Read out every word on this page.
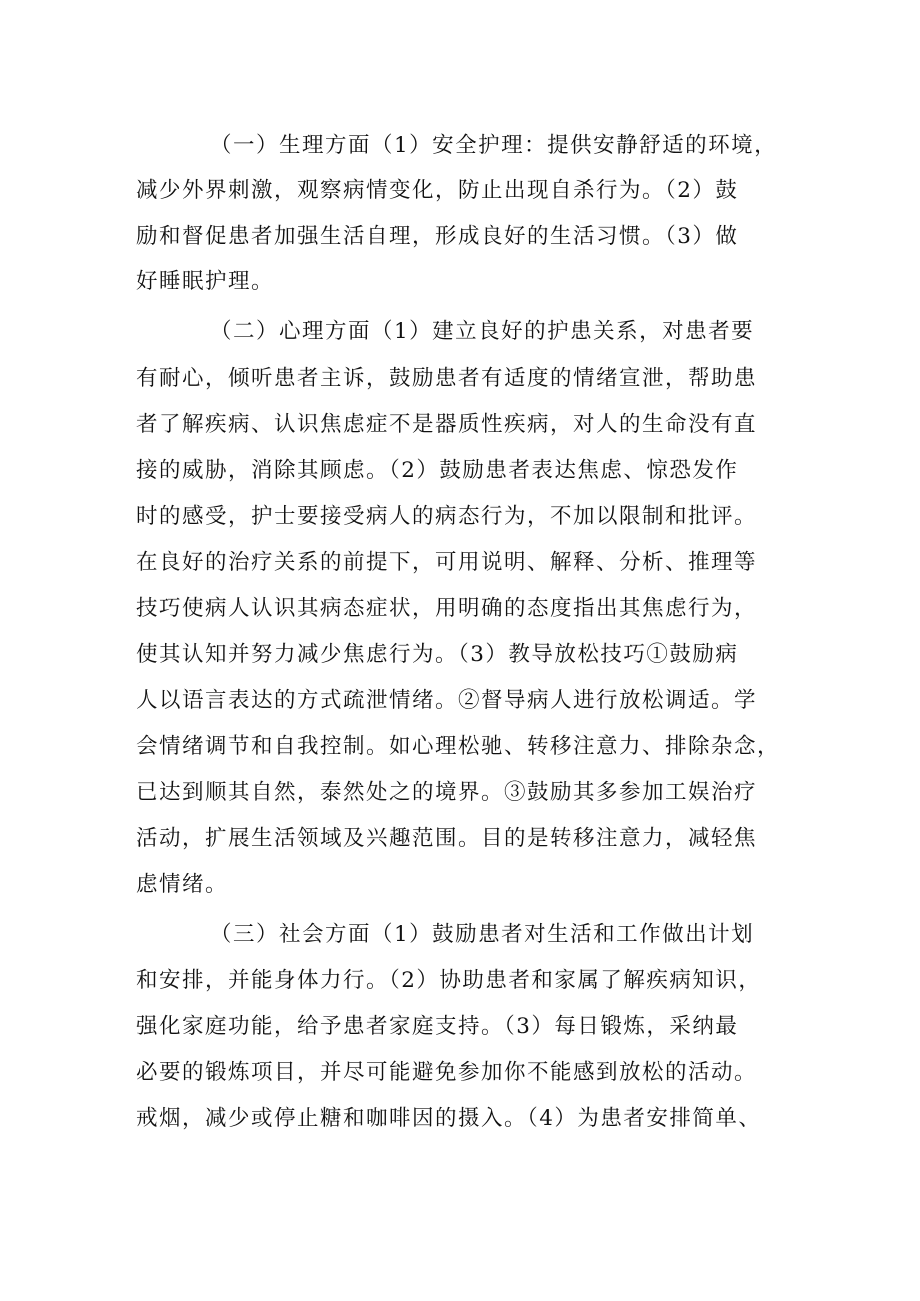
（一）生理方面（1）安全护理：提供安静舒适的环境，
减少外界刺激，观察病情变化，防止出现自杀行为。（2）鼓
励和督促患者加强生活自理，形成良好的生活习惯。（3）做
好睡眠护理。
（二）心理方面（1）建立良好的护患关系，对患者要
有耐心，倾听患者主诉，鼓励患者有适度的情绪宣泄，帮助患
者了解疾病、认识焦虑症不是器质性疾病，对人的生命没有直
接的威胁，消除其顾虑。（2）鼓励患者表达焦虑、惊恐发作
时的感受，护士要接受病人的病态行为，不加以限制和批评。
在良好的治疗关系的前提下，可用说明、解释、分析、推理等
技巧使病人认识其病态症状，用明确的态度指出其焦虑行为，
使其认知并努力减少焦虑行为。（3）教导放松技巧①鼓励病
人以语言表达的方式疏泄情绪。②督导病人进行放松调适。学
会情绪调节和自我控制。如心理松驰、转移注意力、排除杂念，
已达到顺其自然，泰然处之的境界。③鼓励其多参加工娱治疗
活动，扩展生活领域及兴趣范围。目的是转移注意力，减轻焦
虑情绪。
（三）社会方面（1）鼓励患者对生活和工作做出计划
和安排，并能身体力行。（2）协助患者和家属了解疾病知识，
强化家庭功能，给予患者家庭支持。（3）每日锻炼，采纳最
必要的锻炼项目，并尽可能避免参加你不能感到放松的活动。
戒烟，减少或停止糖和咖啡因的摄入。（4）为患者安排简单、
